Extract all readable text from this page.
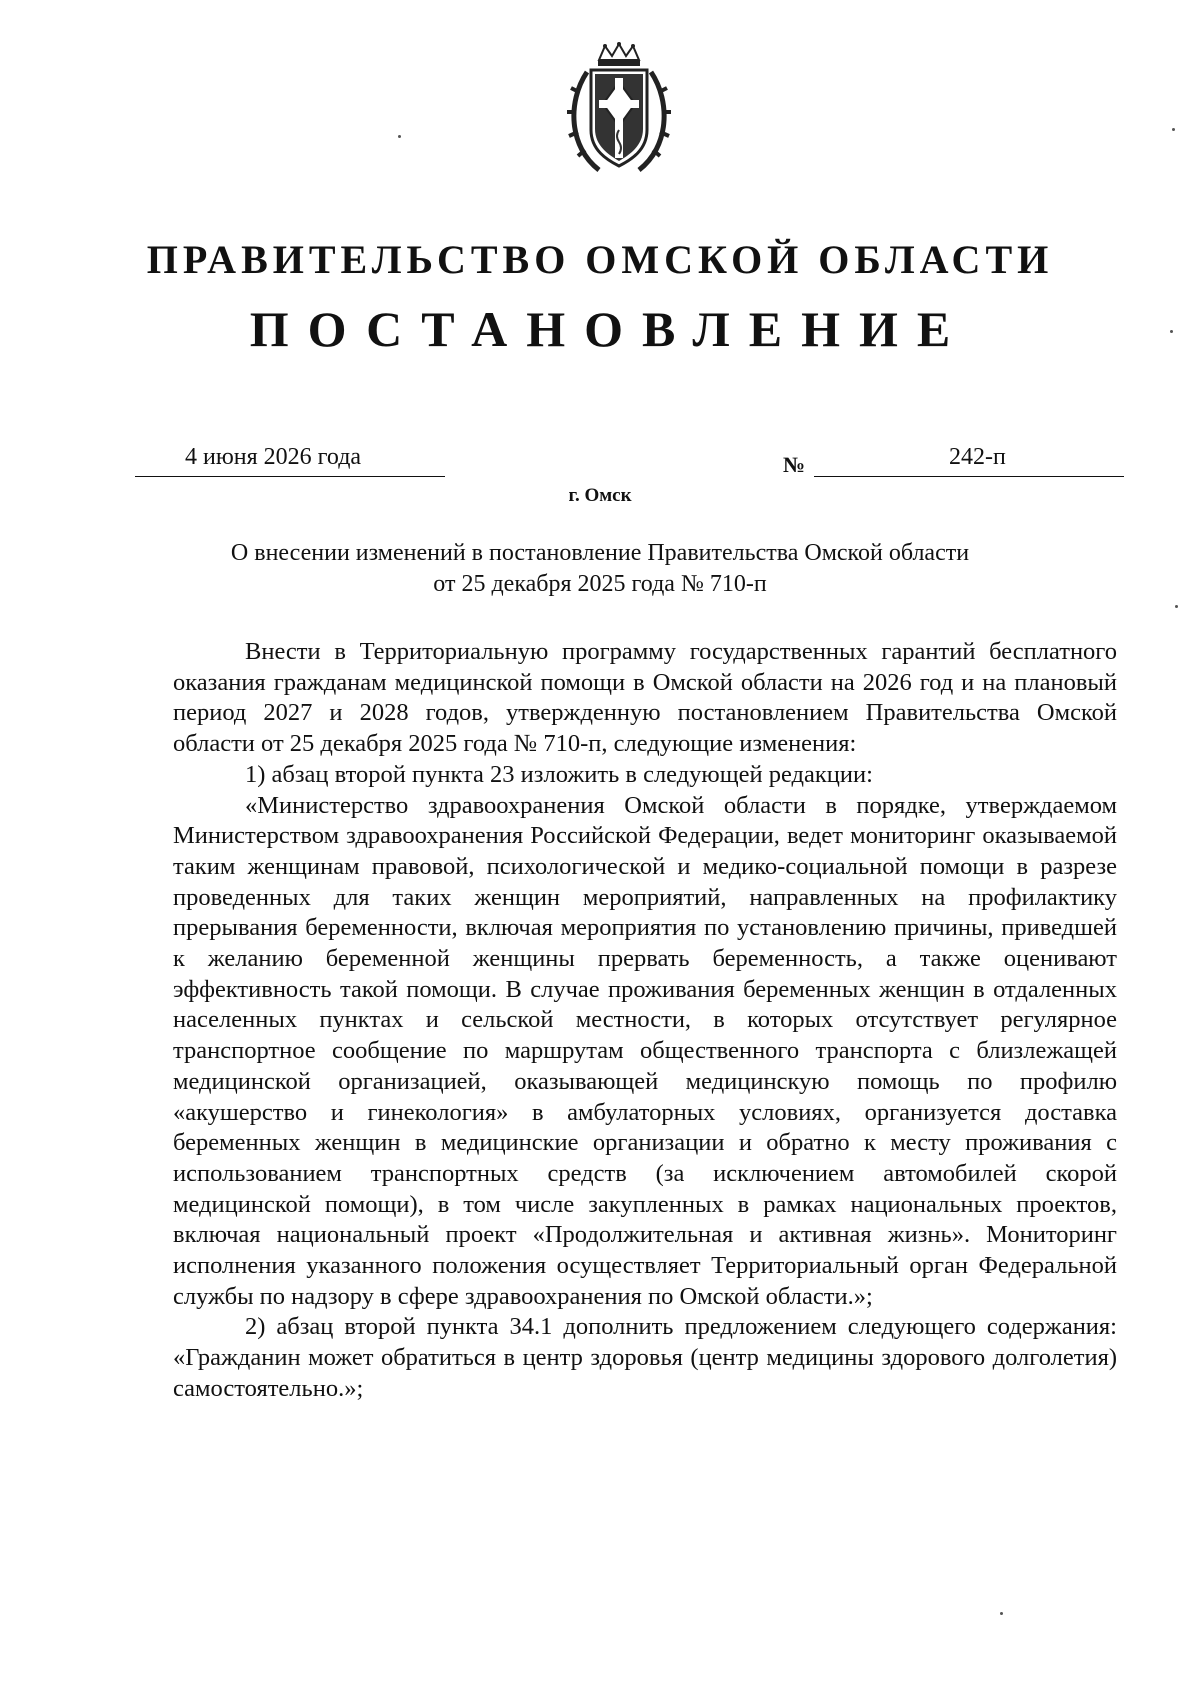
ПРАВИТЕЛЬСТВО ОМСКОЙ ОБЛАСТИ
ПОСТАНОВЛЕНИЕ
4 июня 2026 года	№	242-п
г. Омск
О внесении изменений в постановление Правительства Омской области
от 25 декабря 2025 года № 710-п

Внести в Территориальную программу государственных гарантий бесплатного оказания гражданам медицинской помощи в Омской области на 2026 год и на плановый период 2027 и 2028 годов, утвержденную постановлением Правительства Омской области от 25 декабря 2025 года № 710-п, следующие изменения:

1) абзац второй пункта 23 изложить в следующей редакции:

«Министерство здравоохранения Омской области в порядке, утверждаемом Министерством здравоохранения Российской Федерации, ведет мониторинг оказываемой таким женщинам правовой, психологической и медико-социальной помощи в разрезе проведенных для таких женщин мероприятий, направленных на профилактику прерывания беременности, включая мероприятия по установлению причины, приведшей к желанию беременной женщины прервать беременность, а также оценивают эффективность такой помощи. В случае проживания беременных женщин в отдаленных населенных пунктах и сельской местности, в которых отсутствует регулярное транспортное сообщение по маршрутам общественного транспорта с близлежащей медицинской организацией, оказывающей медицинскую помощь по профилю «акушерство и гинекология» в амбулаторных условиях, организуется доставка беременных женщин в медицинские организации и обратно к месту проживания с использованием транспортных средств (за исключением автомобилей скорой медицинской помощи), в том числе закупленных в рамках национальных проектов, включая национальный проект «Продолжительная и активная жизнь». Мониторинг исполнения указанного положения осуществляет Территориальный орган Федеральной службы по надзору в сфере здравоохранения по Омской области.»;

2) абзац второй пункта 34.1 дополнить предложением следующего содержания: «Гражданин может обратиться в центр здоровья (центр медицины здорового долголетия) самостоятельно.»;
